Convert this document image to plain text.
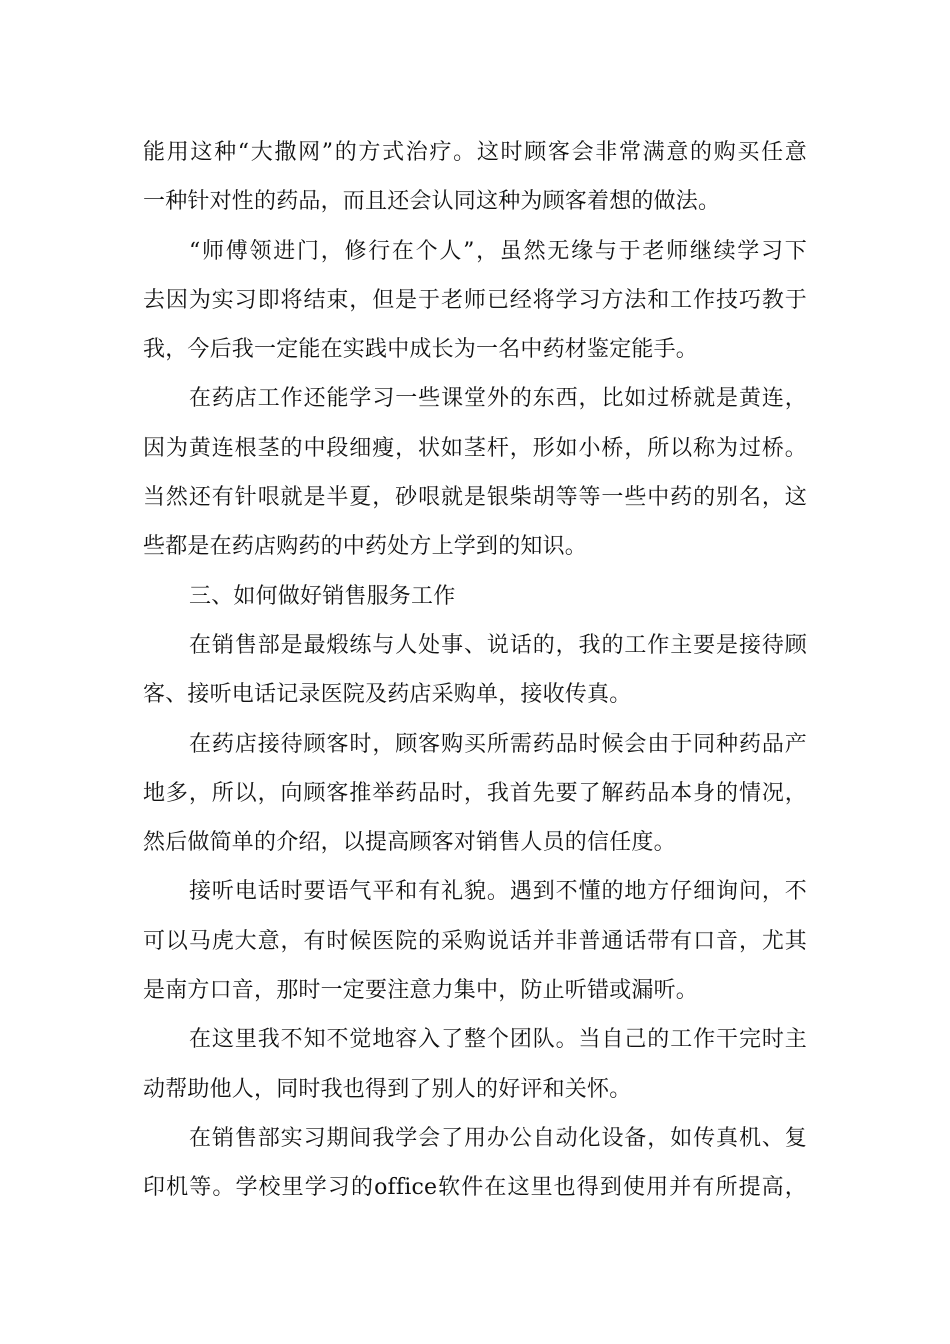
能用这种“大撒网”的方式治疗。这时顾客会非常满意的购买任意
一种针对性的药品，而且还会认同这种为顾客着想的做法。
“师傅领进门，修行在个人”，虽然无缘与于老师继续学习下
去因为实习即将结束，但是于老师已经将学习方法和工作技巧教于
我，今后我一定能在实践中成长为一名中药材鉴定能手。
在药店工作还能学习一些课堂外的东西，比如过桥就是黄连，
因为黄连根茎的中段细瘦，状如茎杆，形如小桥，所以称为过桥。
当然还有针哏就是半夏，砂哏就是银柴胡等等一些中药的别名，这
些都是在药店购药的中药处方上学到的知识。
三、如何做好销售服务工作
在销售部是最煅练与人处事、说话的，我的工作主要是接待顾
客、接听电话记录医院及药店采购单，接收传真。
在药店接待顾客时，顾客购买所需药品时候会由于同种药品产
地多，所以，向顾客推举药品时，我首先要了解药品本身的情况，
然后做简单的介绍，以提高顾客对销售人员的信任度。
接听电话时要语气平和有礼貌。遇到不懂的地方仔细询问，不
可以马虎大意，有时候医院的采购说话并非普通话带有口音，尤其
是南方口音，那时一定要注意力集中，防止听错或漏听。
在这里我不知不觉地容入了整个团队。当自己的工作干完时主
动帮助他人，同时我也得到了别人的好评和关怀。
在销售部实习期间我学会了用办公自动化设备，如传真机、复
印机等。学校里学习的office软件在这里也得到使用并有所提高，
